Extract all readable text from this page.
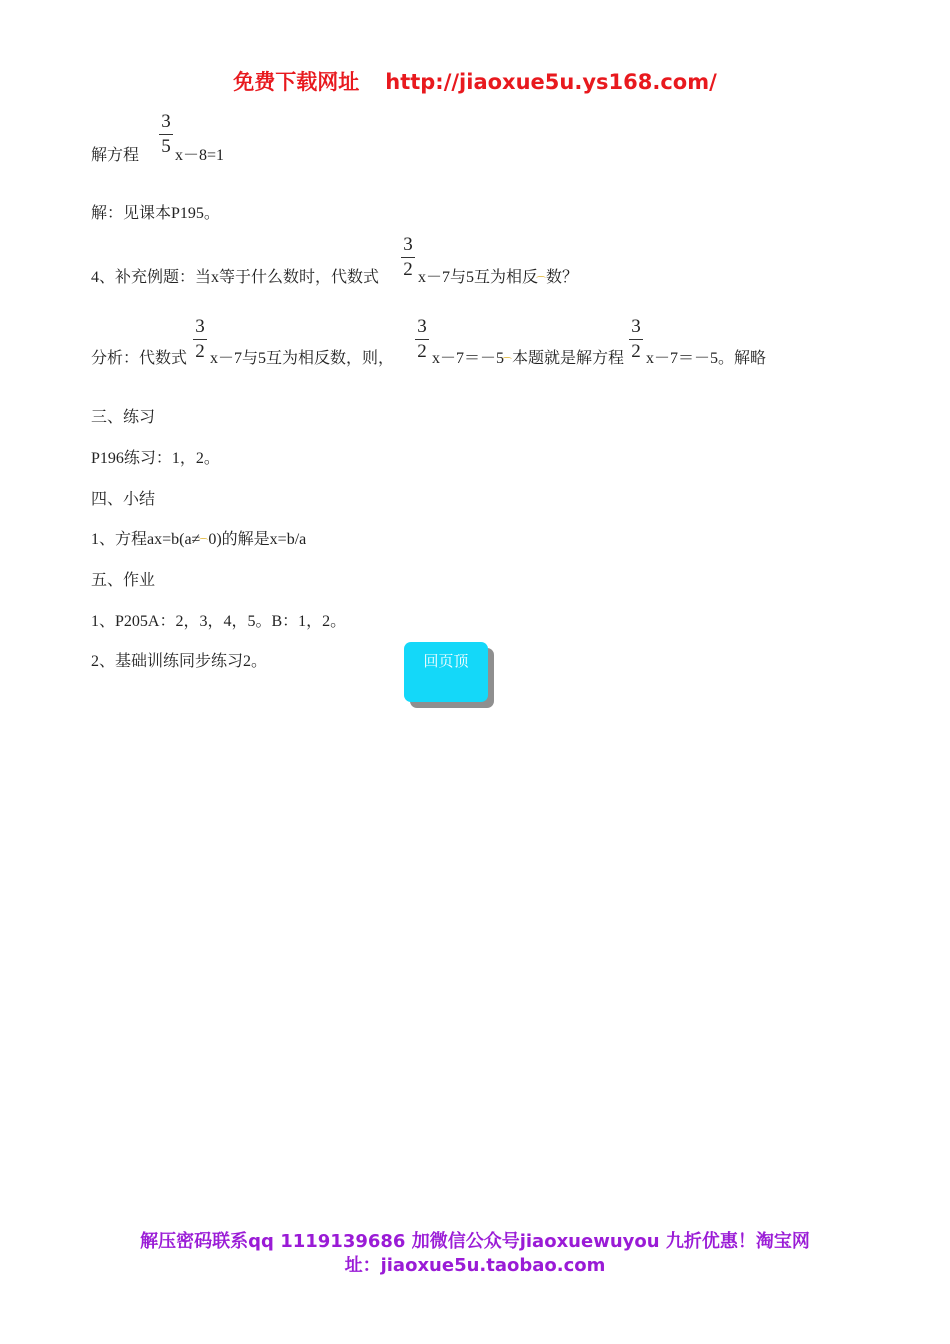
免费下载网址 http://jiaoxue5u.ys168.com/
解方程
3
5 x－8=1
解：见课本P195。
4、补充例题：当x等于什么数时，代数式
3
2 x－7与5互为相反⌒数？
分析：代数式
3
2 x－7与5互为相反数，则，
3
2 x－7＝－5⌒本题就是解方程
3
2 x－7＝－5。解略
三、练习
P196练习：1，2。
四、小结
1、方程ax=b(a≠⌒0)的解是x=b/a
五、作业
1、P205A：2，3，4，5。B：1，2。
2、基础训练同步练习2。	回页顶
解压密码联系qq 1119139686 加微信公众号jiaoxuewuyou 九折优惠！淘宝网
址：jiaoxue5u.taobao.com
